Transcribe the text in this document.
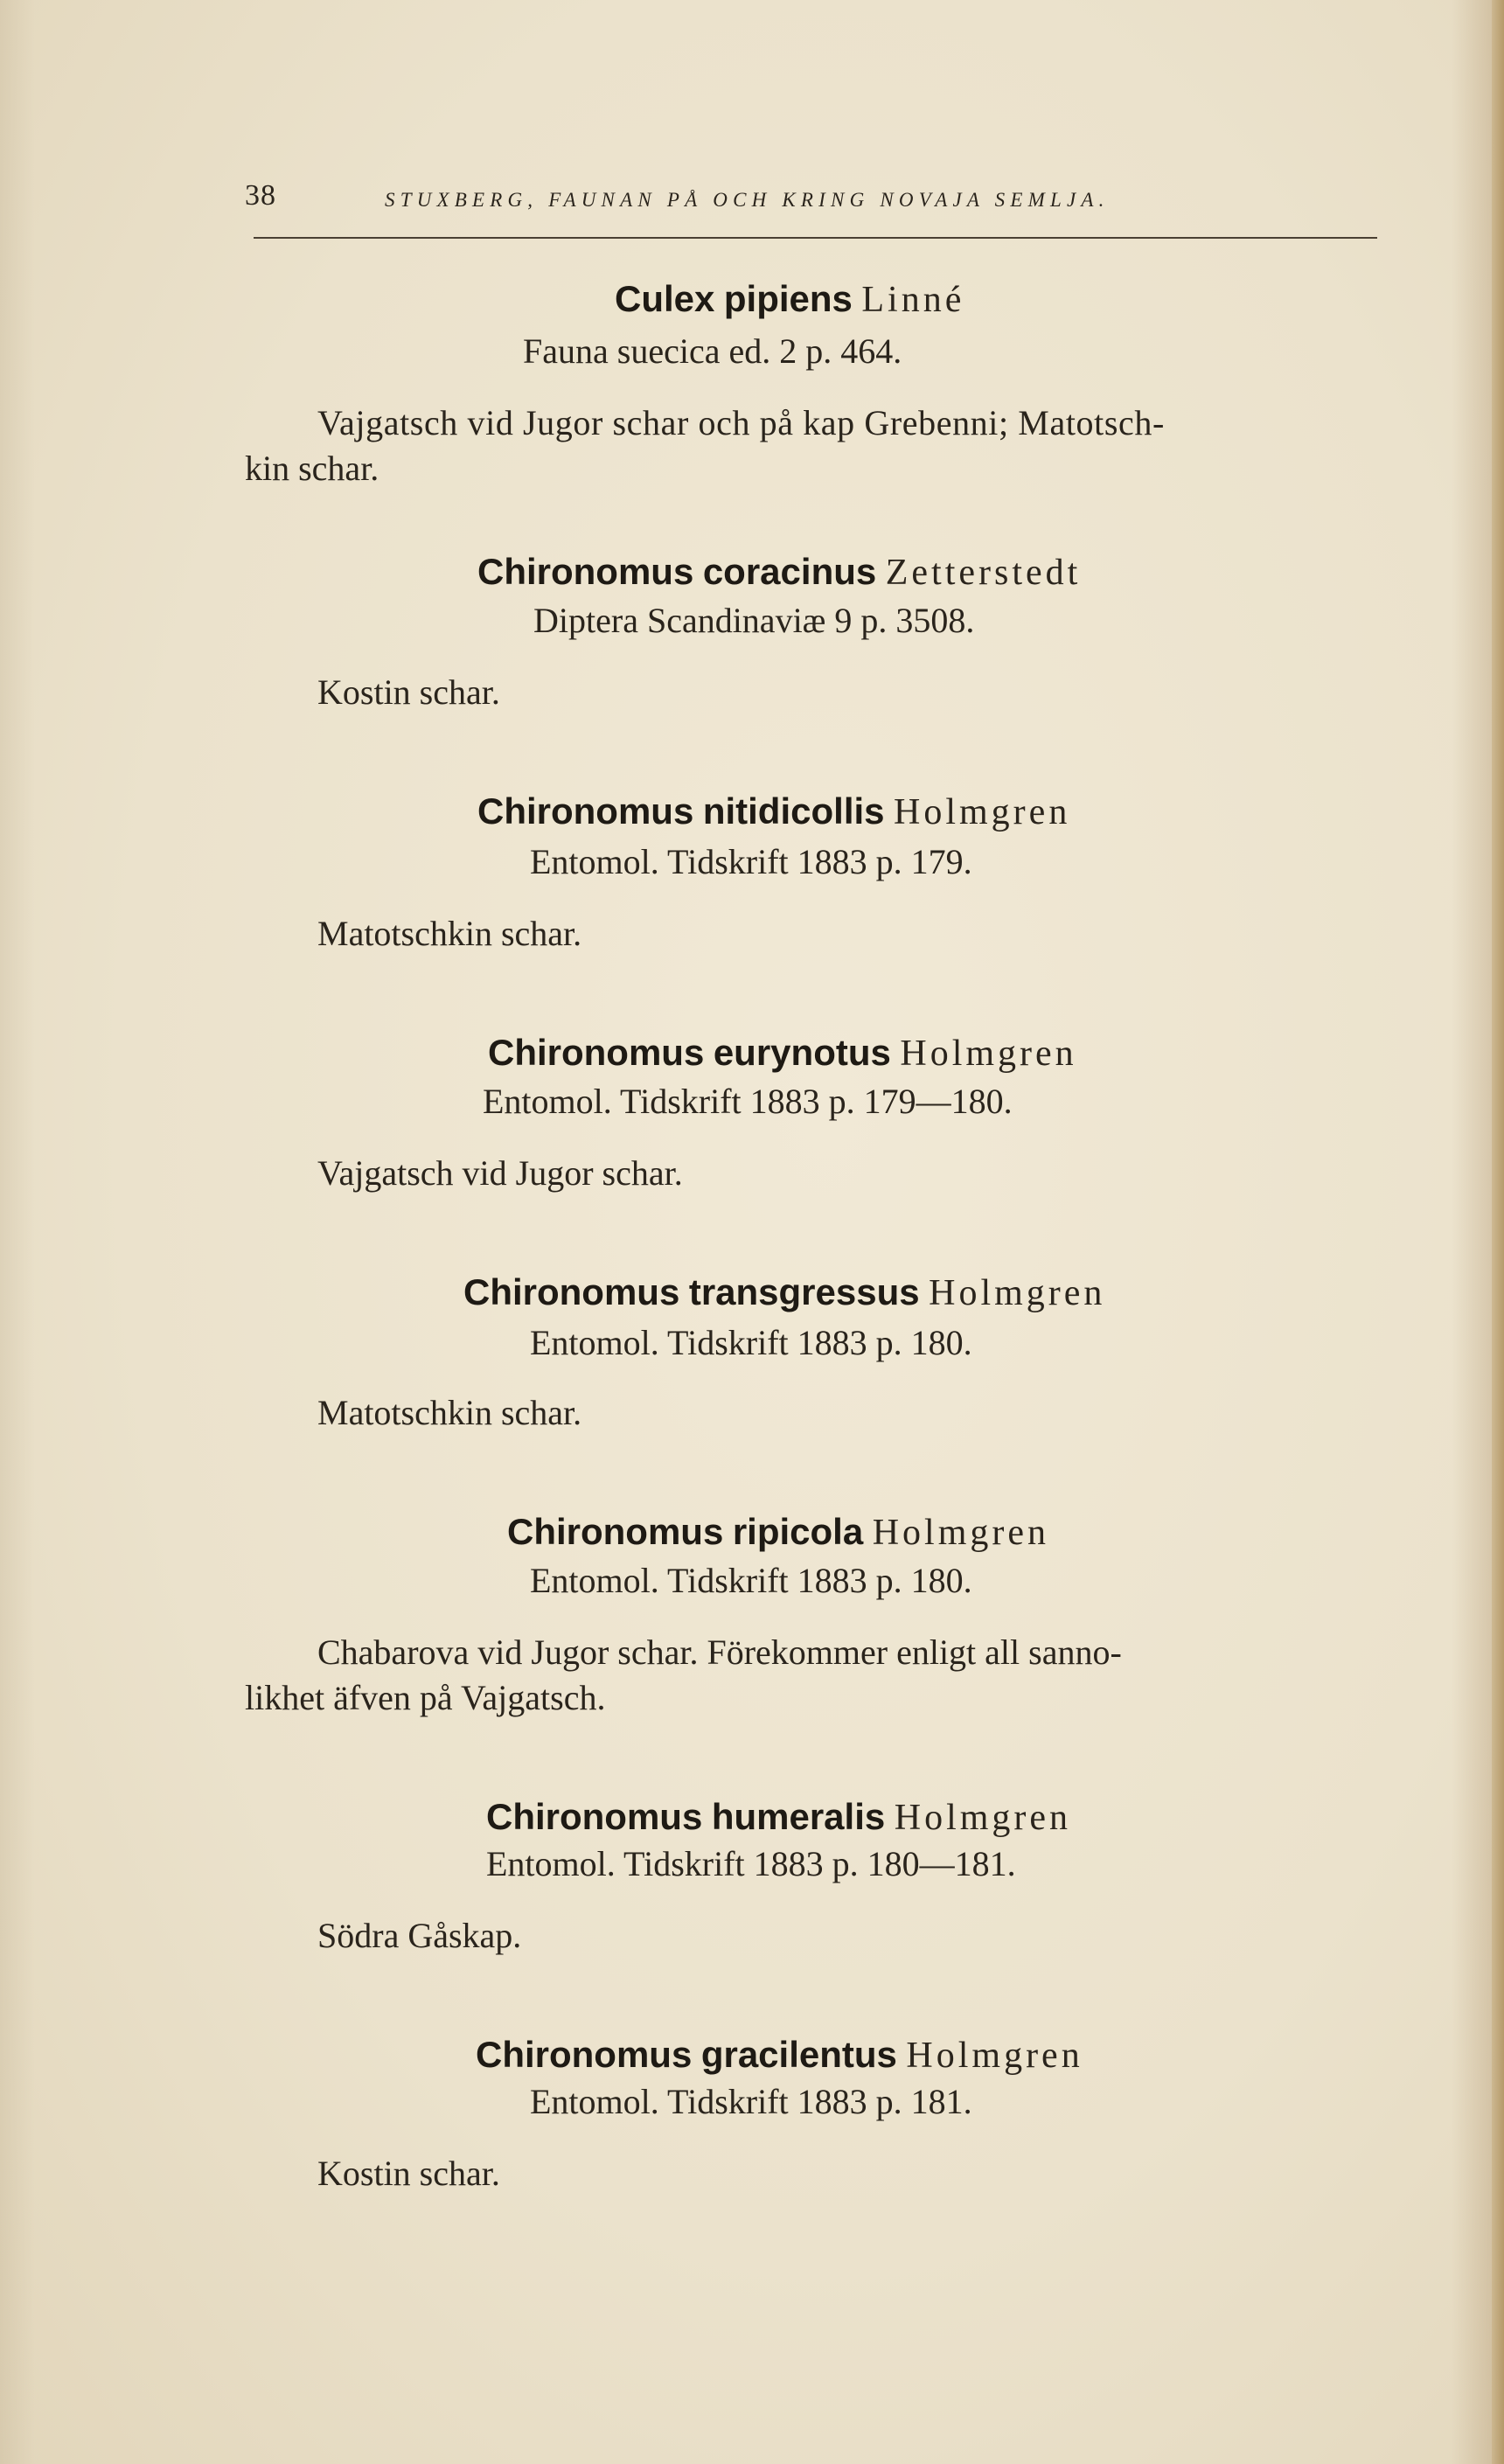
38	STUXBERG, FAUNAN PÅ OCH KRING NOVAJA SEMLJA.

Culex pipiens Linné

Fauna suecica ed. 2 p. 464.

Vajgatsch vid Jugor schar och på kap Grebenni; Matotsch-

kin schar.

Chironomus coracinus Zetterstedt

Diptera Scandinaviæ 9 p. 3508.

Kostin schar.

Chironomus nitidicollis Holmgren

Entomol. Tidskrift 1883 p. 179.

Matotschkin schar.

Chironomus eurynotus Holmgren

Entomol. Tidskrift 1883 p. 179—180.

Vajgatsch vid Jugor schar.

Chironomus transgressus Holmgren

Entomol. Tidskrift 1883 p. 180.

Matotschkin schar.

Chironomus ripicola Holmgren

Entomol. Tidskrift 1883 p. 180.

Chabarova vid Jugor schar. Förekommer enligt all sanno-

likhet äfven på Vajgatsch.

Chironomus humeralis Holmgren

Entomol. Tidskrift 1883 p. 180—181.

Södra Gåskap.

Chironomus gracilentus Holmgren

Entomol. Tidskrift 1883 p. 181.

Kostin schar.
